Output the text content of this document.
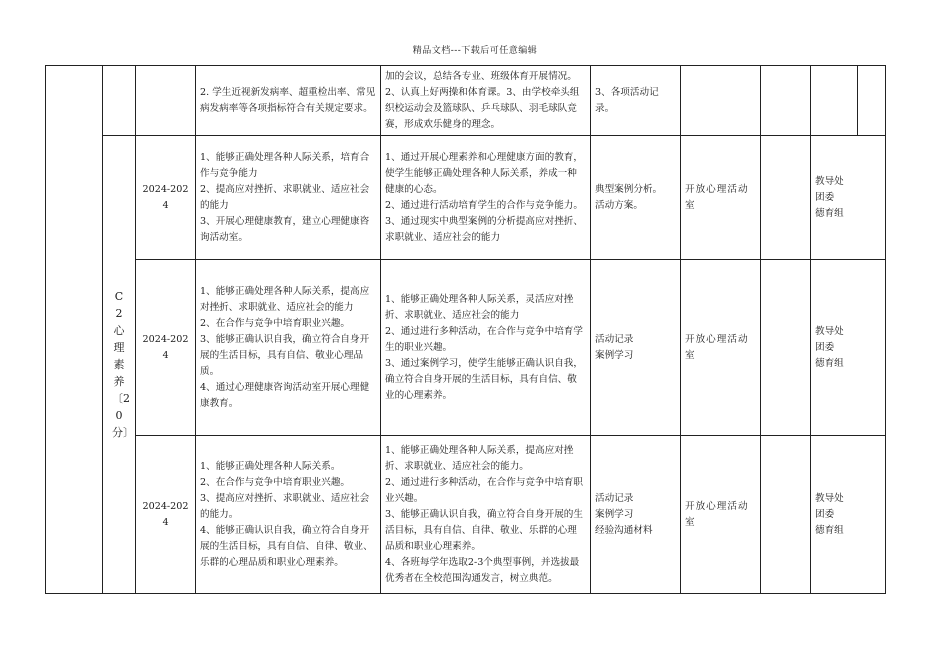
精品文档---下载后可任意编辑

			2. 学生近视新发病率、超重检出率、常见病发病率等各项指标符合有关规定要求。	加的会议，总结各专业、班级体育开展情况。2、认真上好两操和体育课。3、由学校牵头组织校运动会及篮球队、乒乓球队、羽毛球队竞赛，形成欢乐健身的理念。	3、各项活动记录。					

	C2心理素养〔20分〕	2024-2024	1、能够正确处理各种人际关系，培育合作与竞争能力
2、提高应对挫折、求职就业、适应社会的能力
3、开展心理健康教育，建立心理健康咨询活动室。	1、通过开展心理素养和心理健康方面的教育，使学生能够正确处理各种人际关系，养成一种健康的心态。
2、通过进行活动培育学生的合作与竞争能力。
3、通过现实中典型案例的分析提高应对挫折、求职就业、适应社会的能力	典型案例分析。
活动方案。	开放心理活动室		教导处
团委
德育组		

		2024-2024	1、能够正确处理各种人际关系，提高应对挫折、求职就业、适应社会的能力
2、在合作与竞争中培育职业兴趣。
3、能够正确认识自我，确立符合自身开展的生活目标，具有自信、敬业心理品质。
4、通过心理健康咨询活动室开展心理健康教育。	1、能够正确处理各种人际关系，灵活应对挫折、求职就业、适应社会的能力
2、通过进行多种活动，在合作与竞争中培育学生的职业兴趣。
3、通过案例学习，使学生能够正确认识自我，确立符合自身开展的生活目标，具有自信、敬业的心理素养。	活动记录
案例学习	开放心理活动室		教导处
团委
德育组		

		2024-2024	1、能够正确处理各种人际关系。
2、在合作与竞争中培育职业兴趣。
3、提高应对挫折、求职就业、适应社会的能力。
4、能够正确认识自我，确立符合自身开展的生活目标，具有自信、自律、敬业、乐群的心理品质和职业心理素养。	1、能够正确处理各种人际关系，提高应对挫折、求职就业、适应社会的能力。
2、通过进行多种活动，在合作与竞争中培育职业兴趣。
3、能够正确认识自我，确立符合自身开展的生活目标，具有自信、自律、敬业、乐群的心理品质和职业心理素养。
4、各班每学年选取2-3个典型事例，并选拔最优秀者在全校范围沟通发言，树立典范。	活动记录
案例学习
经验沟通材料	开放心理活动室		教导处
团委
德育组		
